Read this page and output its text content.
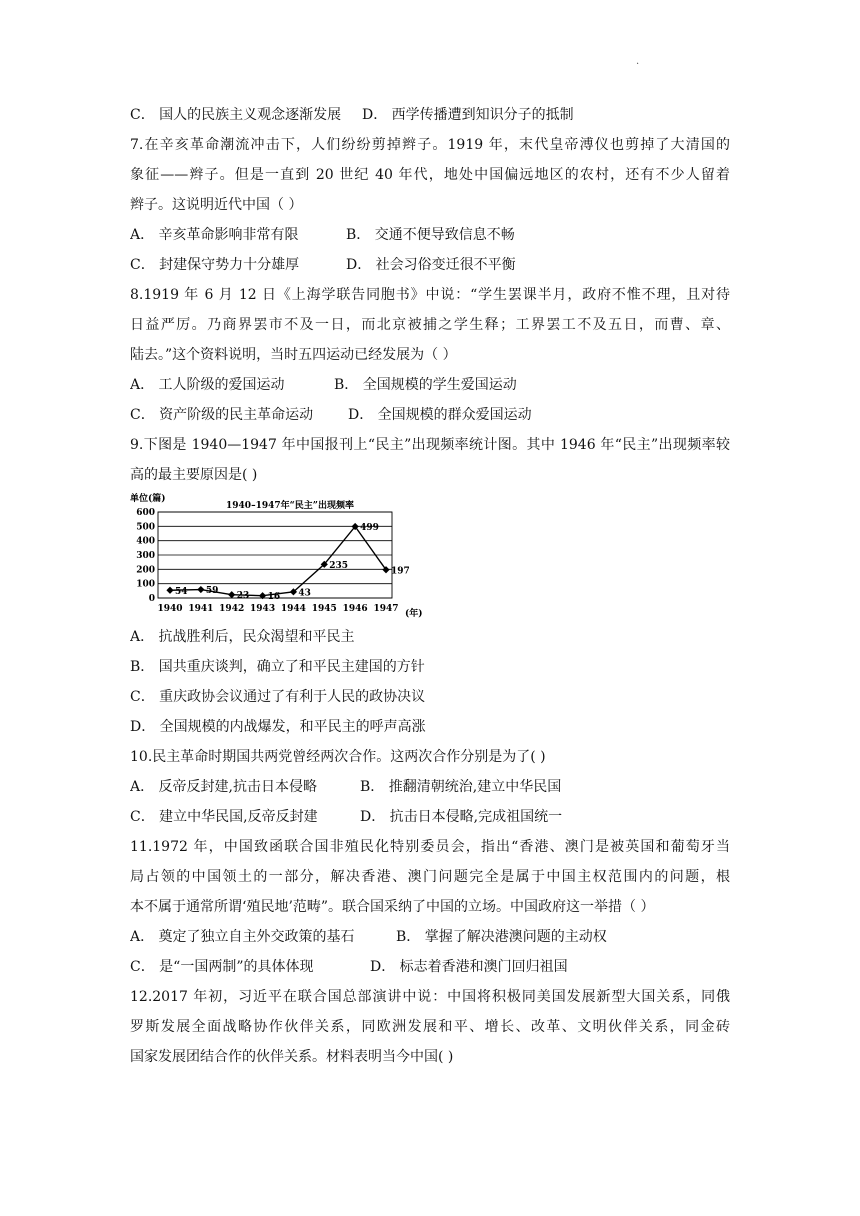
.
C． 国人的民族主义观念逐渐发展	D． 西学传播遭到知识分子的抵制
7.在辛亥革命潮流冲击下，人们纷纷剪掉辫子。1919 年，末代皇帝溥仪也剪掉了大清国的
象征——辫子。但是一直到 20 世纪 40 年代，地处中国偏远地区的农村，还有不少人留着
辫子。这说明近代中国（ ）
A． 辛亥革命影响非常有限	B． 交通不便导致信息不畅
C． 封建保守势力十分雄厚	D． 社会习俗变迁很不平衡
8.1919 年 6 月 12 日《上海学联告同胞书》中说：“学生罢课半月，政府不惟不理，且对待
日益严厉。乃商界罢市不及一日，而北京被捕之学生释；工界罢工不及五日，而曹、章、
陆去。”这个资料说明，当时五四运动已经发展为（ ）
A． 工人阶级的爱国运动	B． 全国规模的学生爱国运动
C． 资产阶级的民主革命运动	D． 全国规模的群众爱国运动
9.下图是 1940—1947 年中国报刊上“民主”出现频率统计图。其中 1946 年“民主”出现频率较
高的最主要原因是( )
单位(篇)
1940–1947年“民主”出现频率
0
100
200
300
400
500
600
1940 1941 1942 1943 1944 1945 1946 1947
54 59
23 16 43
235
499
197
(年)
A． 抗战胜利后，民众渴望和平民主
B． 国共重庆谈判，确立了和平民主建国的方针
C． 重庆政协会议通过了有利于人民的政协决议
D． 全国规模的内战爆发，和平民主的呼声高涨
10.民主革命时期国共两党曾经两次合作。这两次合作分别是为了( )
A． 反帝反封建,抗击日本侵略	B． 推翻清朝统治,建立中华民国
C． 建立中华民国,反帝反封建	D． 抗击日本侵略,完成祖国统一
11.1972 年，中国致函联合国非殖民化特别委员会，指出“香港、澳门是被英国和葡萄牙当
局占领的中国领土的一部分，解决香港、澳门问题完全是属于中国主权范围内的问题，根
本不属于通常所谓‘殖民地’范畴”。联合国采纳了中国的立场。中国政府这一举措（ ）
A． 奠定了独立自主外交政策的基石	B． 掌握了解决港澳问题的主动权
C． 是“一国两制”的具体体现	D． 标志着香港和澳门回归祖国
12.2017 年初，习近平在联合国总部演讲中说：中国将积极同美国发展新型大国关系，同俄
罗斯发展全面战略协作伙伴关系，同欧洲发展和平、增长、改革、文明伙伴关系，同金砖
国家发展团结合作的伙伴关系。材料表明当今中国( )
